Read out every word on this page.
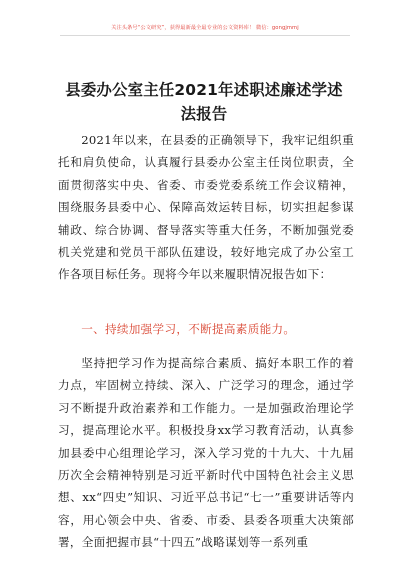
关注头条号“公文研究”，获得最新最全最专业的公文资料库！ 微信：gongjmmj
县委办公室主任2021年述职述廉述学述法报告

2021年以来，在县委的正确领导下，我牢记组织重托和肩负使命，认真履行县委办公室主任岗位职责，全面贯彻落实中央、省委、市委党委系统工作会议精神，围绕服务县委中心、保障高效运转目标，切实担起参谋辅政、综合协调、督导落实等重大任务，不断加强党委机关党建和党员干部队伍建设，较好地完成了办公室工作各项目标任务。现将今年以来履职情况报告如下：

一、持续加强学习，不断提高素质能力。

坚持把学习作为提高综合素质、搞好本职工作的着力点，牢固树立持续、深入、广泛学习的理念，通过学习不断提升政治素养和工作能力。一是加强政治理论学习，提高理论水平。积极投身xx学习教育活动，认真参加县委中心组理论学习，深入学习党的十九大、十九届历次全会精神特别是习近平新时代中国特色社会主义思想、xx“四史”知识、习近平总书记“七一”重要讲话等内容，用心领会中央、省委、市委、县委各项重大决策部署，全面把握市县“十四五”战略谋划等一系列重
